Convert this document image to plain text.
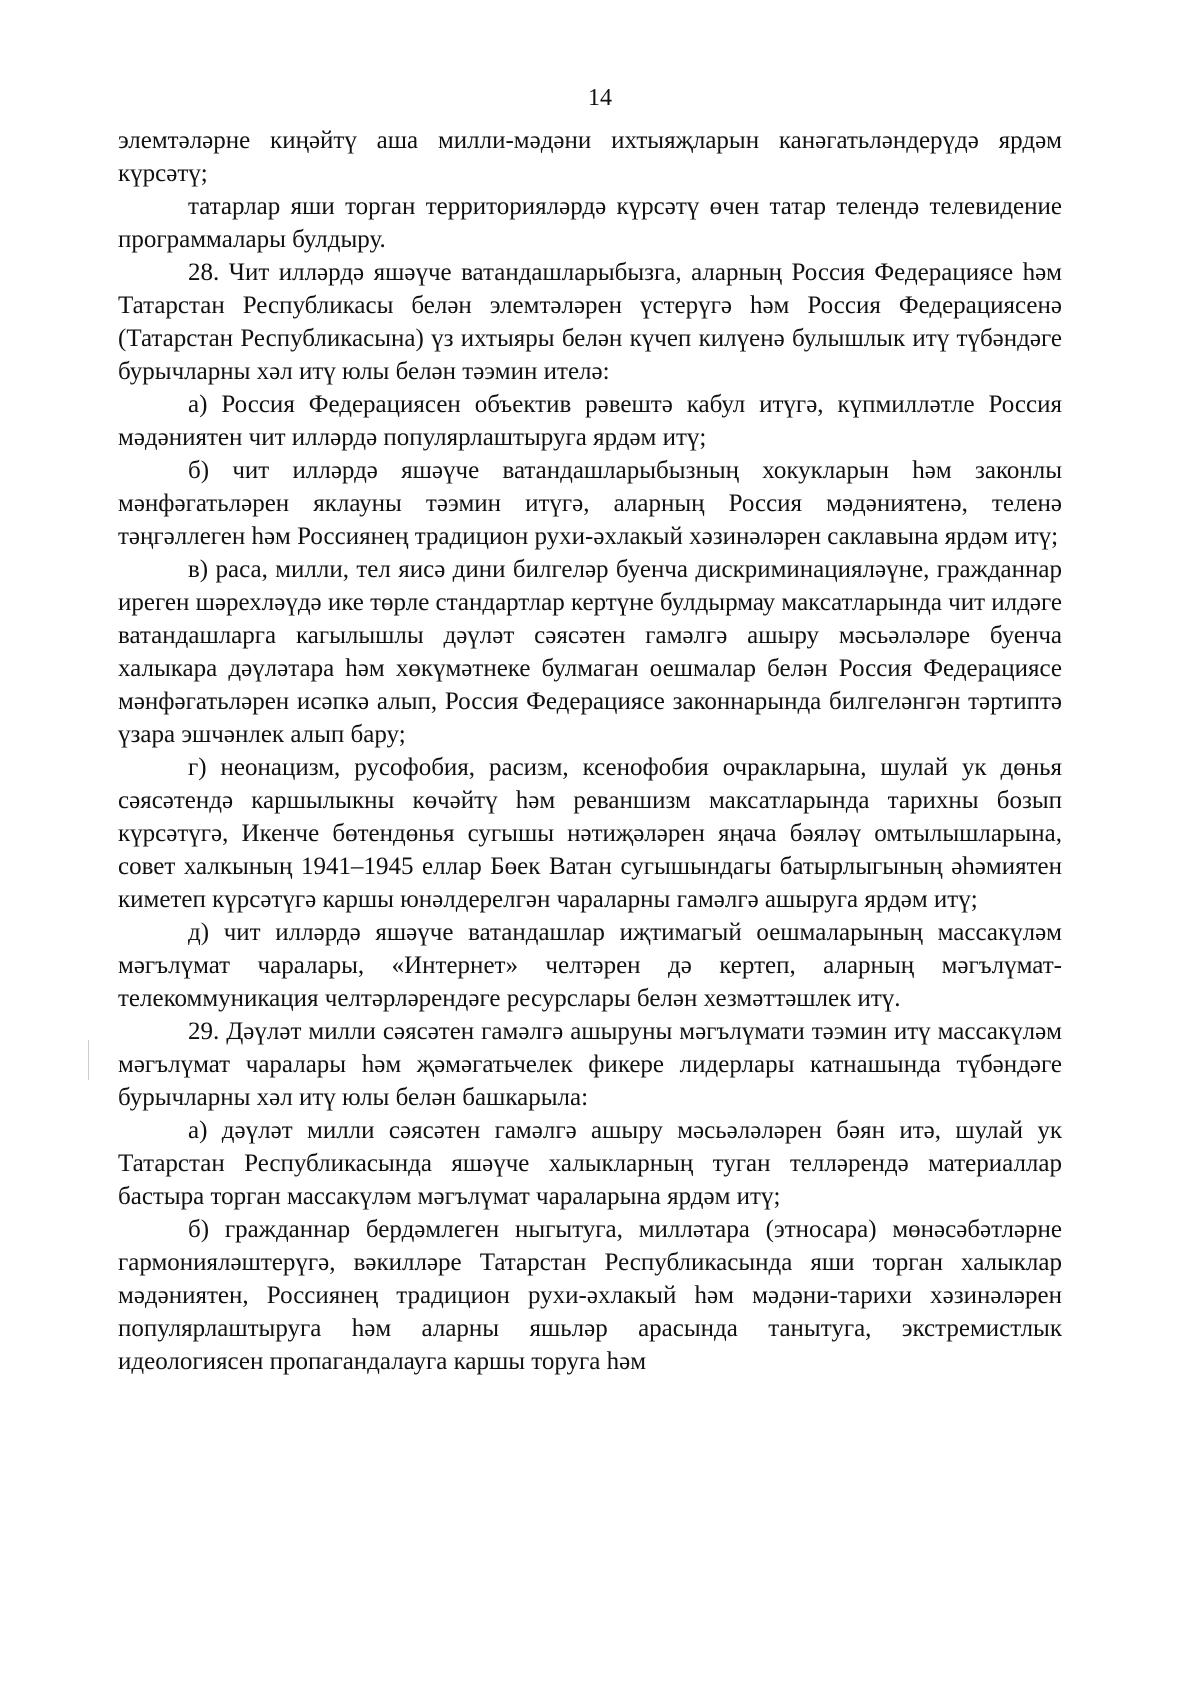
14

элемтәләрне киңәйтү аша милли-мәдәни ихтыяҗларын канәгатьләндерүдә ярдәм күрсәтү;

татарлар яши торган территорияләрдә күрсәтү өчен татар телендә телевидение программалары булдыру.

28. Чит илләрдә яшәүче ватандашларыбызга, аларның Россия Федерациясе һәм Татарстан Республикасы белән элемтәләрен үстерүгә һәм Россия Федерациясенә (Татарстан Республикасына) үз ихтыяры белән күчеп килүенә булышлык итү түбәндәге бурычларны хәл итү юлы белән тәэмин ителә:

а) Россия Федерациясен объектив рәвештә кабул итүгә, күпмилләтле Россия мәдәниятен чит илләрдә популярлаштыруга ярдәм итү;

б) чит илләрдә яшәүче ватандашларыбызның хокукларын һәм законлы мәнфәгатьләрен яклауны тәэмин итүгә, аларның Россия мәдәниятенә, теленә тәңгәллеген һәм Россиянең традицион рухи-әхлакый хәзинәләрен саклавына ярдәм итү;

в) раса, милли, тел яисә дини билгеләр буенча дискриминацияләүне, гражданнар иреген шәрехләүдә ике төрле стандартлар кертүне булдырмау максатларында чит илдәге ватандашларга кагылышлы дәүләт сәясәтен гамәлгә ашыру мәсьәләләре буенча халыкара дәүләтара һәм хөкүмәтнеке булмаган оешмалар белән Россия Федерациясе мәнфәгатьләрен исәпкә алып, Россия Федерациясе законнарында билгеләнгән тәртиптә үзара эшчәнлек алып бару;

г) неонацизм, русофобия, расизм, ксенофобия очракларына, шулай ук дөнья сәясәтендә каршылыкны көчәйтү һәм реваншизм максатларында тарихны бозып күрсәтүгә, Икенче бөтендөнья сугышы нәтиҗәләрен яңача бәяләү омтылышларына, совет халкының 1941–1945 еллар Бөек Ватан сугышындагы батырлыгының әһәмиятен киметеп күрсәтүгә каршы юнәлдерелгән чараларны гамәлгә ашыруга ярдәм итү;

д) чит илләрдә яшәүче ватандашлар иҗтимагый оешмаларының массакүләм мәгълүмат чаралары, «Интернет» челтәрен дә кертеп, аларның мәгълүмат-телекоммуникация челтәрләрендәге ресурслары белән хезмәттәшлек итү.

29. Дәүләт милли сәясәтен гамәлгә ашыруны мәгълүмати тәэмин итү массакүләм мәгълүмат чаралары һәм җәмәгатьчелек фикере лидерлары катнашында түбәндәге бурычларны хәл итү юлы белән башкарыла:

а) дәүләт милли сәясәтен гамәлгә ашыру мәсьәләләрен бәян итә, шулай ук Татарстан Республикасында яшәүче халыкларның туган телләрендә материаллар бастыра торган массакүләм мәгълүмат чараларына ярдәм итү;

б) гражданнар бердәмлеген ныгытуга, милләтара (этносара) мөнәсәбәтләрне гармонияләштерүгә, вәкилләре Татарстан Республикасында яши торган халыклар мәдәниятен, Россиянең традицион рухи-әхлакый һәм мәдәни-тарихи хәзинәләрен популярлаштыруга һәм аларны яшьләр арасында танытуга, экстремистлык идеологиясен пропагандалауга каршы торуга һәм
